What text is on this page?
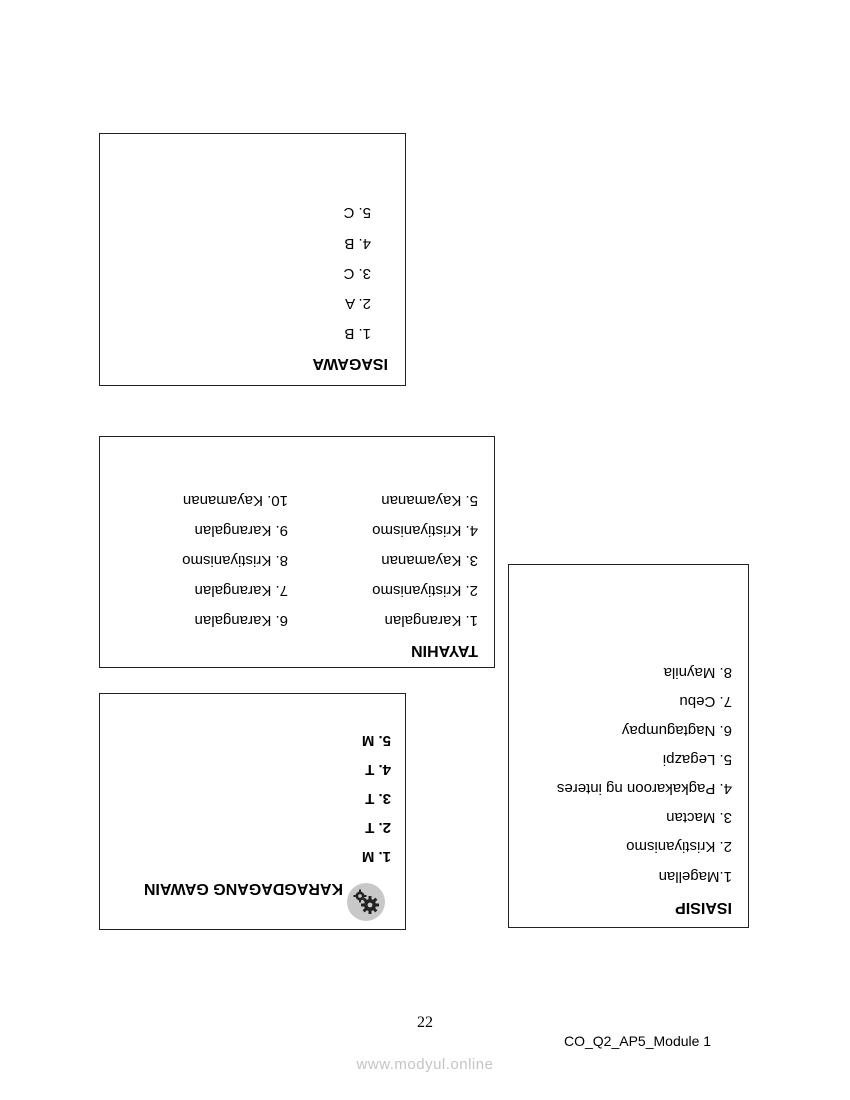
ISAGAWA
1. B
2. A
3. C
4. B
5. C
TAYAHIN
1. Karangalan
2. Kristiyanismo
3. Kayamanan
4. Kristiyanismo
5. Kayamanan
6. Karangalan
7. Karangalan
8. Kristiyanismo
9. Karangalan
10. Kayamanan
KARAGDAGANG GAWAIN
1. M
2. T
3. T
4. T
5. M
ISAISIP
1.Magellan
2. Kristiyanismo
3. Mactan
4. Pagkakaroon ng interes
5. Legazpi
6. Nagtagumpay
7. Cebu
8. Maynila
22
CO_Q2_AP5_Module 1
www.modyul.online
